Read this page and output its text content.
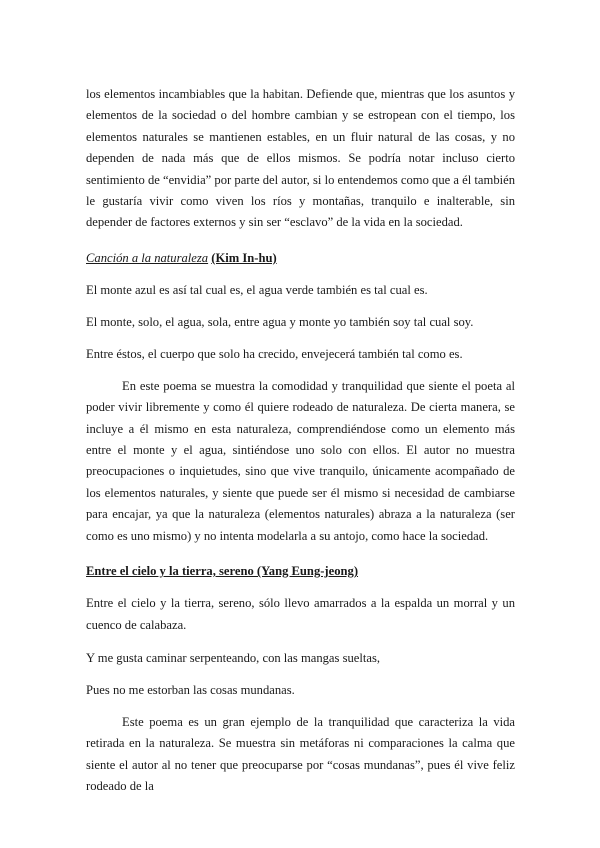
los elementos incambiables que la habitan. Defiende que, mientras que los asuntos y elementos de la sociedad o del hombre cambian y se estropean con el tiempo, los elementos naturales se mantienen estables, en un fluir natural de las cosas, y no dependen de nada más que de ellos mismos. Se podría notar incluso cierto sentimiento de “envidia” por parte del autor, si lo entendemos como que a él también le gustaría vivir como viven los ríos y montañas, tranquilo e inalterable, sin depender de factores externos y sin ser “esclavo” de la vida en la sociedad.

Canción a la naturaleza (Kim In-hu)

El monte azul es así tal cual es, el agua verde también es tal cual es.

El monte, solo, el agua, sola, entre agua y monte yo también soy tal cual soy.

Entre éstos, el cuerpo que solo ha crecido, envejecerá también tal como es.

En este poema se muestra la comodidad y tranquilidad que siente el poeta al poder vivir libremente y como él quiere rodeado de naturaleza. De cierta manera, se incluye a él mismo en esta naturaleza, comprendiéndose como un elemento más entre el monte y el agua, sintiéndose uno solo con ellos. El autor no muestra preocupaciones o inquietudes, sino que vive tranquilo, únicamente acompañado de los elementos naturales, y siente que puede ser él mismo si necesidad de cambiarse para encajar, ya que la naturaleza (elementos naturales) abraza a la naturaleza (ser como es uno mismo) y no intenta modelarla a su antojo, como hace la sociedad.

Entre el cielo y la tierra, sereno (Yang Eung-jeong)

Entre el cielo y la tierra, sereno, sólo llevo amarrados a la espalda un morral y un cuenco de calabaza.

Y me gusta caminar serpenteando, con las mangas sueltas,

Pues no me estorban las cosas mundanas.

Este poema es un gran ejemplo de la tranquilidad que caracteriza la vida retirada en la naturaleza. Se muestra sin metáforas ni comparaciones la calma que siente el autor al no tener que preocuparse por “cosas mundanas”, pues él vive feliz rodeado de la
